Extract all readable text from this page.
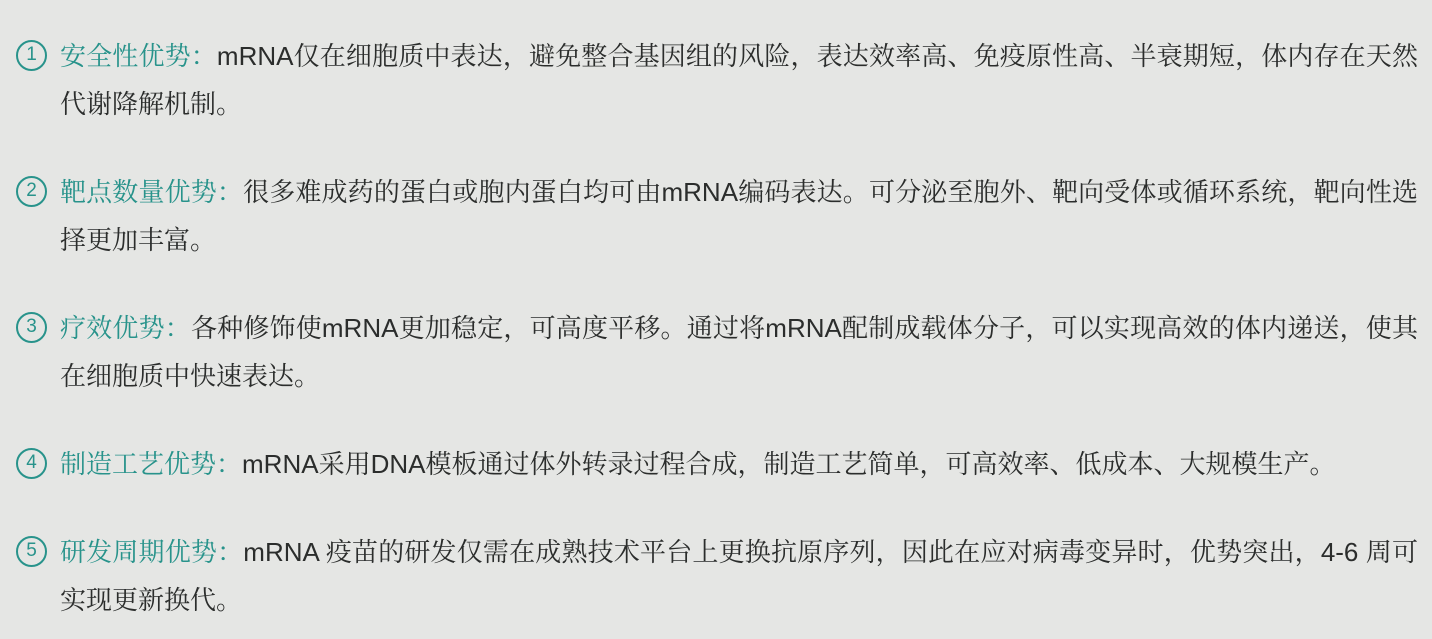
1 安全性优势：mRNA仅在细胞质中表达，避免整合基因组的风险，表达效率高、免疫原性高、半衰期短，体内存在天然代谢降解机制。

2 靶点数量优势：很多难成药的蛋白或胞内蛋白均可由mRNA编码表达。可分泌至胞外、靶向受体或循环系统，靶向性选择更加丰富。

3 疗效优势：各种修饰使mRNA更加稳定，可高度平移。通过将mRNA配制成载体分子，可以实现高效的体内递送，使其在细胞质中快速表达。

4 制造工艺优势：mRNA采用DNA模板通过体外转录过程合成，制造工艺简单，可高效率、低成本、大规模生产。

5 研发周期优势：mRNA 疫苗的研发仅需在成熟技术平台上更换抗原序列，因此在应对病毒变异时，优势突出，4-6 周可实现更新换代。
